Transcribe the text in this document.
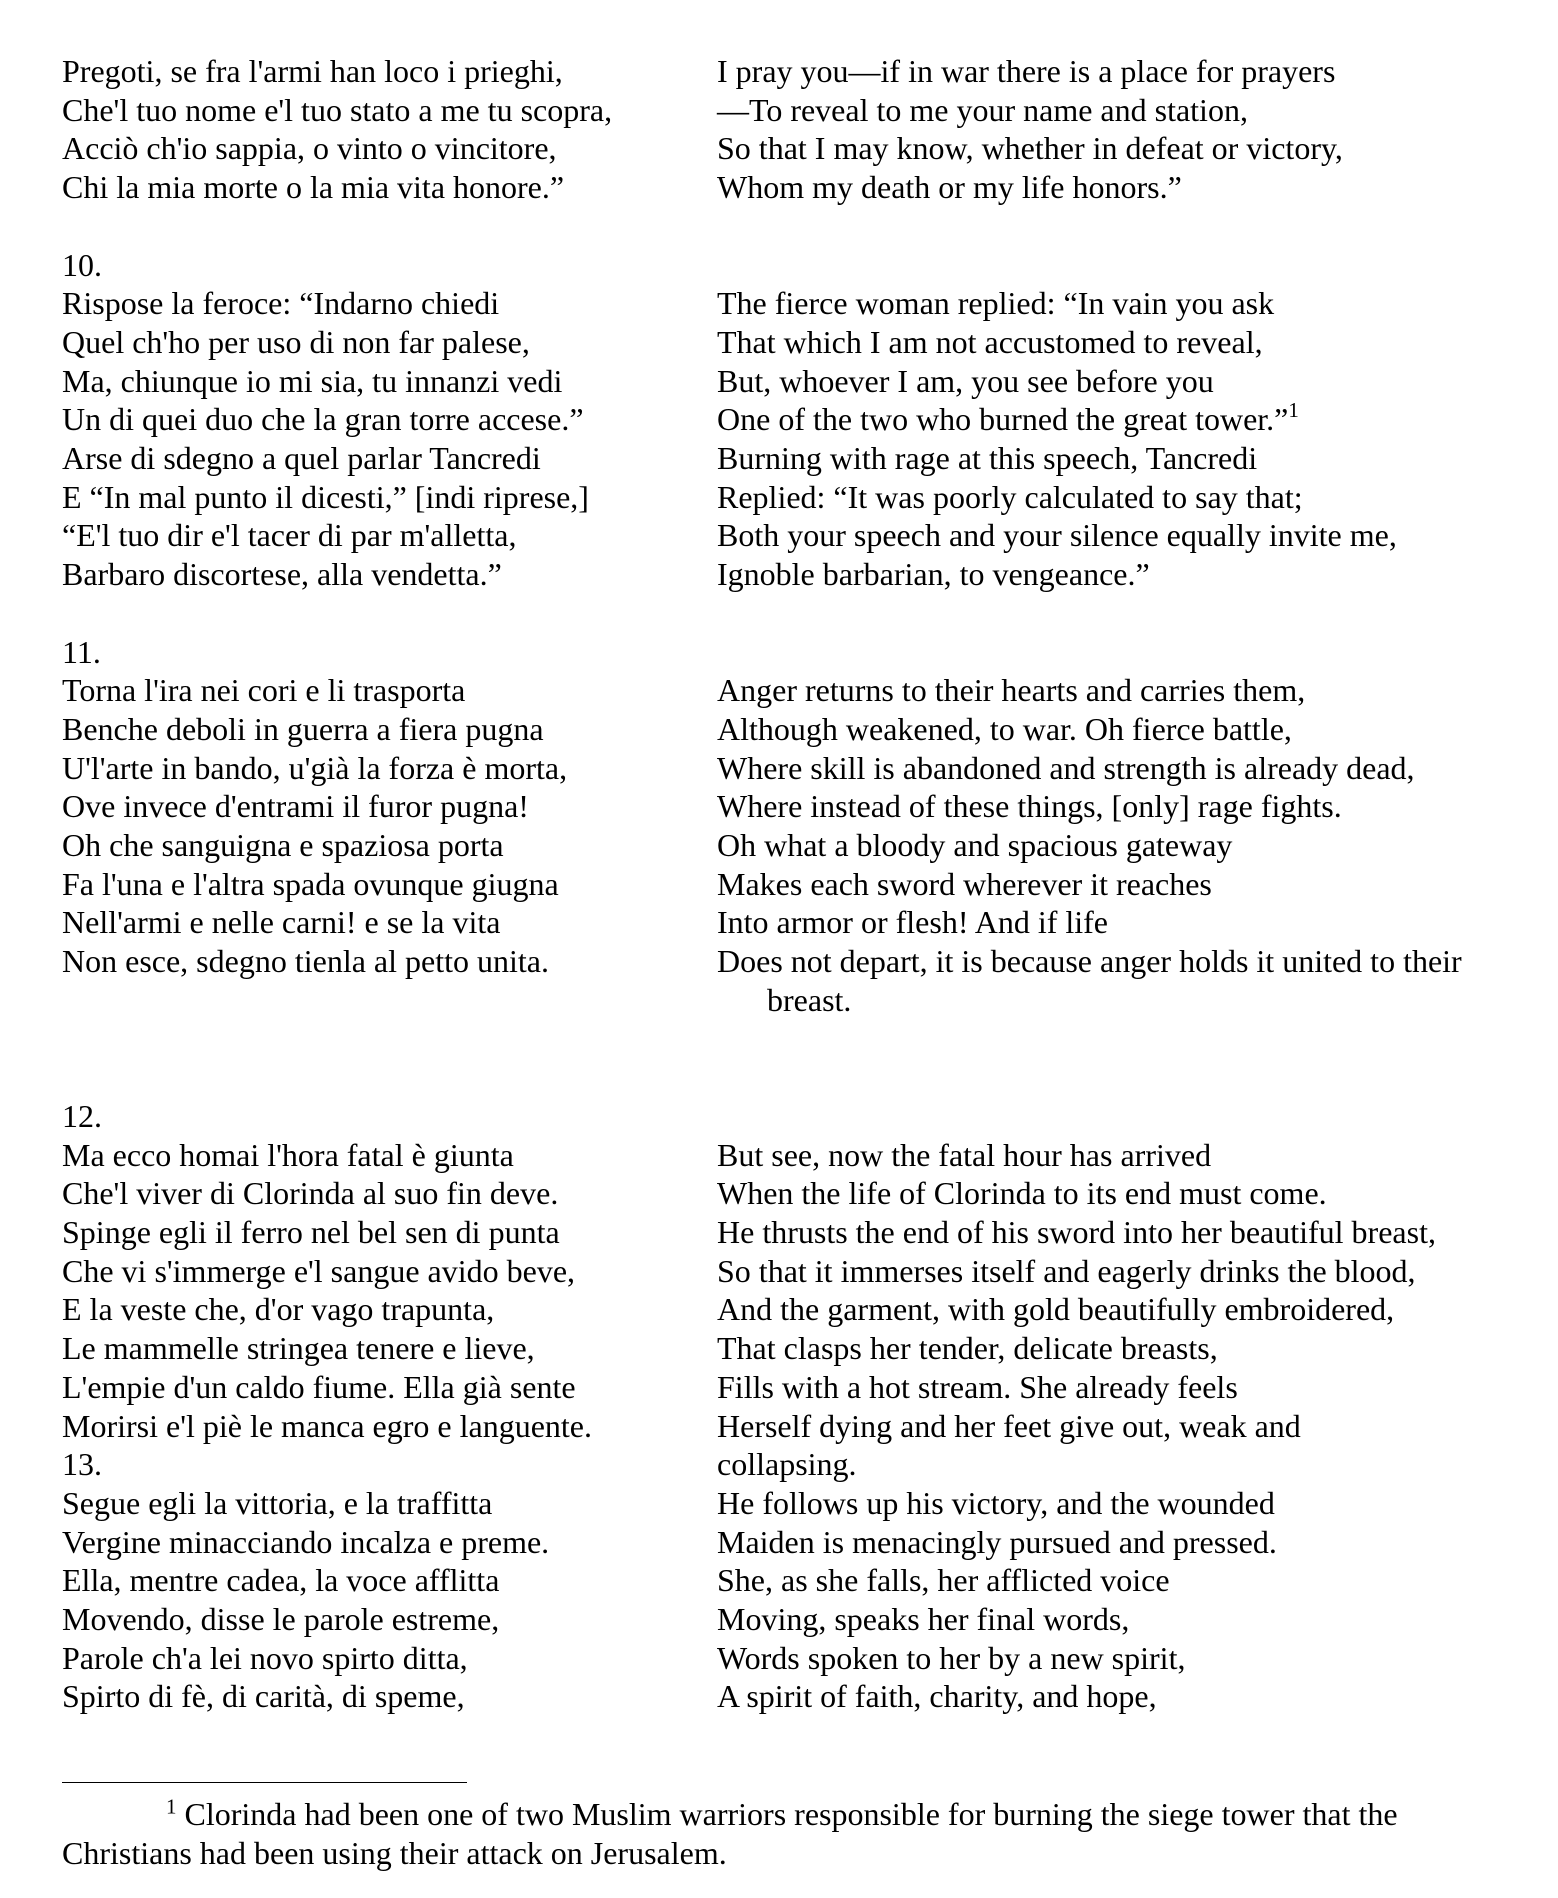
Pregoti, se fra l'armi han loco i prieghi,
Che'l tuo nome e'l tuo stato a me tu scopra,
Acciò ch'io sappia, o vinto o vincitore,
Chi la mia morte o la mia vita honore.”
I pray you—if in war there is a place for prayers
—To reveal to me your name and station,
So that I may know, whether in defeat or victory,
Whom my death or my life honors.”
10.
Rispose la feroce: “Indarno chiedi
Quel ch'ho per uso di non far palese,
Ma, chiunque io mi sia, tu innanzi vedi
Un di quei duo che la gran torre accese.”
Arse di sdegno a quel parlar Tancredi
E “In mal punto il dicesti,” [indi riprese,]
“E'l tuo dir e'l tacer di par m'alletta,
Barbaro discortese, alla vendetta.”
The fierce woman replied: “In vain you ask
That which I am not accustomed to reveal,
But, whoever I am, you see before you
One of the two who burned the great tower.”$^1$
Burning with rage at this speech, Tancredi
Replied: “It was poorly calculated to say that;
Both your speech and your silence equally invite me,
Ignoble barbarian, to vengeance.”
11.
Torna l'ira nei cori e li trasporta
Benche deboli in guerra a fiera pugna
U'l'arte in bando, u'già la forza è morta,
Ove invece d'entrami il furor pugna!
Oh che sanguigna e spaziosa porta
Fa l'una e l'altra spada ovunque giugna
Nell'armi e nelle carni! e se la vita
Non esce, sdegno tienla al petto unita.
Anger returns to their hearts and carries them,
Although weakened, to war. Oh fierce battle,
Where skill is abandoned and strength is already dead,
Where instead of these things, [only] rage fights.
Oh what a bloody and spacious gateway
Makes each sword wherever it reaches
Into armor or flesh! And if life
Does not depart, it is because anger holds it united to their breast.
12.
Ma ecco homai l'hora fatal è giunta
Che'l viver di Clorinda al suo fin deve.
Spinge egli il ferro nel bel sen di punta
Che vi s'immerge e'l sangue avido beve,
E la veste che, d'or vago trapunta,
Le mammelle stringea tenere e lieve,
L'empie d'un caldo fiume. Ella già sente
Morirsi e'l piè le manca egro e languente.
But see, now the fatal hour has arrived
When the life of Clorinda to its end must come.
He thrusts the end of his sword into her beautiful breast,
So that it immerses itself and eagerly drinks the blood,
And the garment, with gold beautifully embroidered,
That clasps her tender, delicate breasts,
Fills with a hot stream. She already feels
Herself dying and her feet give out, weak and
collapsing.
13.
Segue egli la vittoria, e la traffitta
Vergine minacciando incalza e preme.
Ella, mentre cadea, la voce afflitta
Movendo, disse le parole estreme,
Parole ch'a lei novo spirto ditta,
Spirto di fè, di carità, di speme,
He follows up his victory, and the wounded
Maiden is menacingly pursued and pressed.
She, as she falls, her afflicted voice
Moving, speaks her final words,
Words spoken to her by a new spirit,
A spirit of faith, charity, and hope,
$^1$ Clorinda had been one of two Muslim warriors responsible for burning the siege tower that the
Christians had been using their attack on Jerusalem.
